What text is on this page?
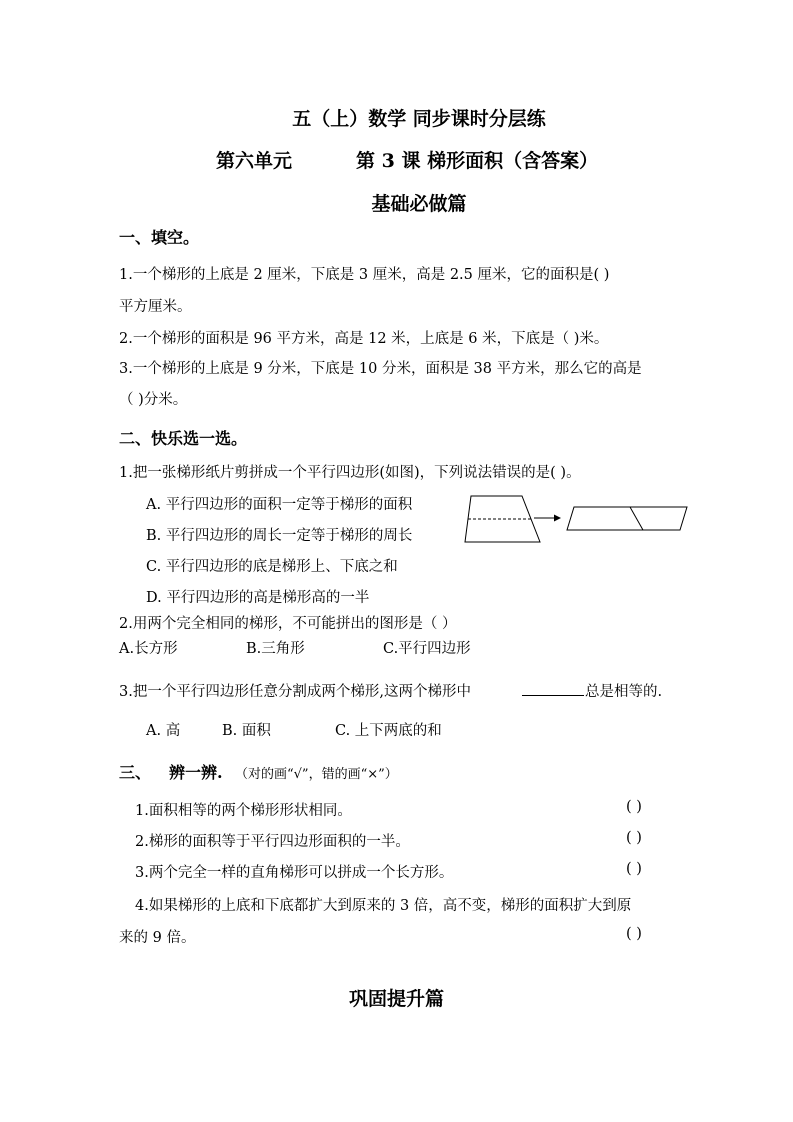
五（上）数学 同步课时分层练
第六单元	第 3 课 梯形面积（含答案）
基础必做篇
一、填空。
1.一个梯形的上底是 2 厘米，下底是 3 厘米，高是 2.5 厘米，它的面积是( )
平方厘米。
2.一个梯形的面积是 96 平方米，高是 12 米，上底是 6 米，下底是（ )米。
3.一个梯形的上底是 9 分米，下底是 10 分米，面积是 38 平方米，那么它的高是
（ )分米。
二、快乐选一选。
1.把一张梯形纸片剪拼成一个平行四边形(如图)，下列说法错误的是( )。
A. 平行四边形的面积一定等于梯形的面积
B. 平行四边形的周长一定等于梯形的周长
C. 平行四边形的底是梯形上、下底之和
D. 平行四边形的高是梯形高的一半
2.用两个完全相同的梯形，不可能拼出的图形是（ ）
A.长方形	B.三角形	C.平行四边形
3.把一个平行四边形任意分割成两个梯形,这两个梯形中	总是相等的.
A. 高	B. 面积	C. 上下两底的和
三、 辨一辨. （对的画“√”，错的画“×”）
1.面积相等的两个梯形形状相同。	( )
2.梯形的面积等于平行四边形面积的一半。	( )
3.两个完全一样的直角梯形可以拼成一个长方形。	( )
4.如果梯形的上底和下底都扩大到原来的 3 倍，高不变，梯形的面积扩大到原
来的 9 倍。	( )
巩固提升篇
